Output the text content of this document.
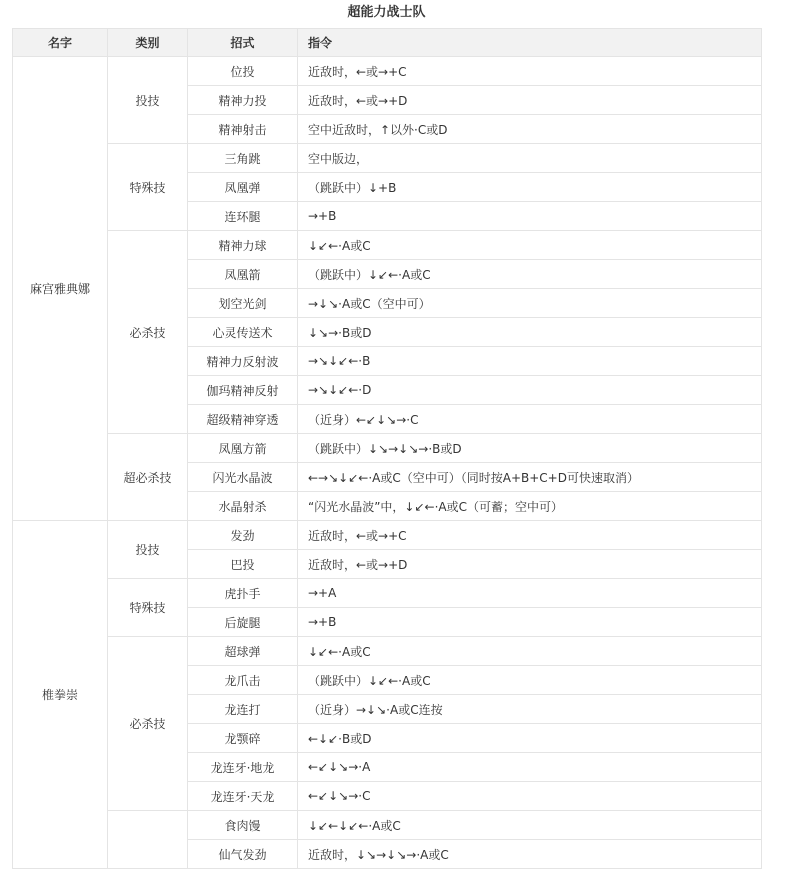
超能力战士队
名字	类别	招式	指令
麻宫雅典娜	投技	位投	近敌时，←或→+C
		精神力投	近敌时，←或→+D
		精神射击	空中近敌时，↑以外·C或D
	特殊技	三角跳	空中版边，
		凤凰弹	（跳跃中）↓+B
		连环腿	→+B
	必杀技	精神力球	↓↙←·A或C
		凤凰箭	（跳跃中）↓↙←·A或C
		划空光剑	→↓↘·A或C（空中可）
		心灵传送术	↓↘→·B或D
		精神力反射波	→↘↓↙←·B
		伽玛精神反射	→↘↓↙←·D
		超级精神穿透	（近身）←↙↓↘→·C
	超必杀技	凤凰方箭	（跳跃中）↓↘→↓↘→·B或D
		闪光水晶波	←→↘↓↙←·A或C（空中可）（同时按A+B+C+D可快速取消）
		水晶射杀	“闪光水晶波”中，↓↙←·A或C（可蓄；空中可）
椎拳崇	投技	发劲	近敌时，←或→+C
		巴投	近敌时，←或→+D
	特殊技	虎扑手	→+A
		后旋腿	→+B
	必杀技	超球弹	↓↙←·A或C
		龙爪击	（跳跃中）↓↙←·A或C
		龙连打	（近身）→↓↘·A或C连按
		龙颚碎	←↓↙·B或D
		龙连牙·地龙	←↙↓↘→·A
		龙连牙·天龙	←↙↓↘→·C
		食肉馒	↓↙←↓↙←·A或C
		仙气发劲	近敌时，↓↘→↓↘→·A或C
